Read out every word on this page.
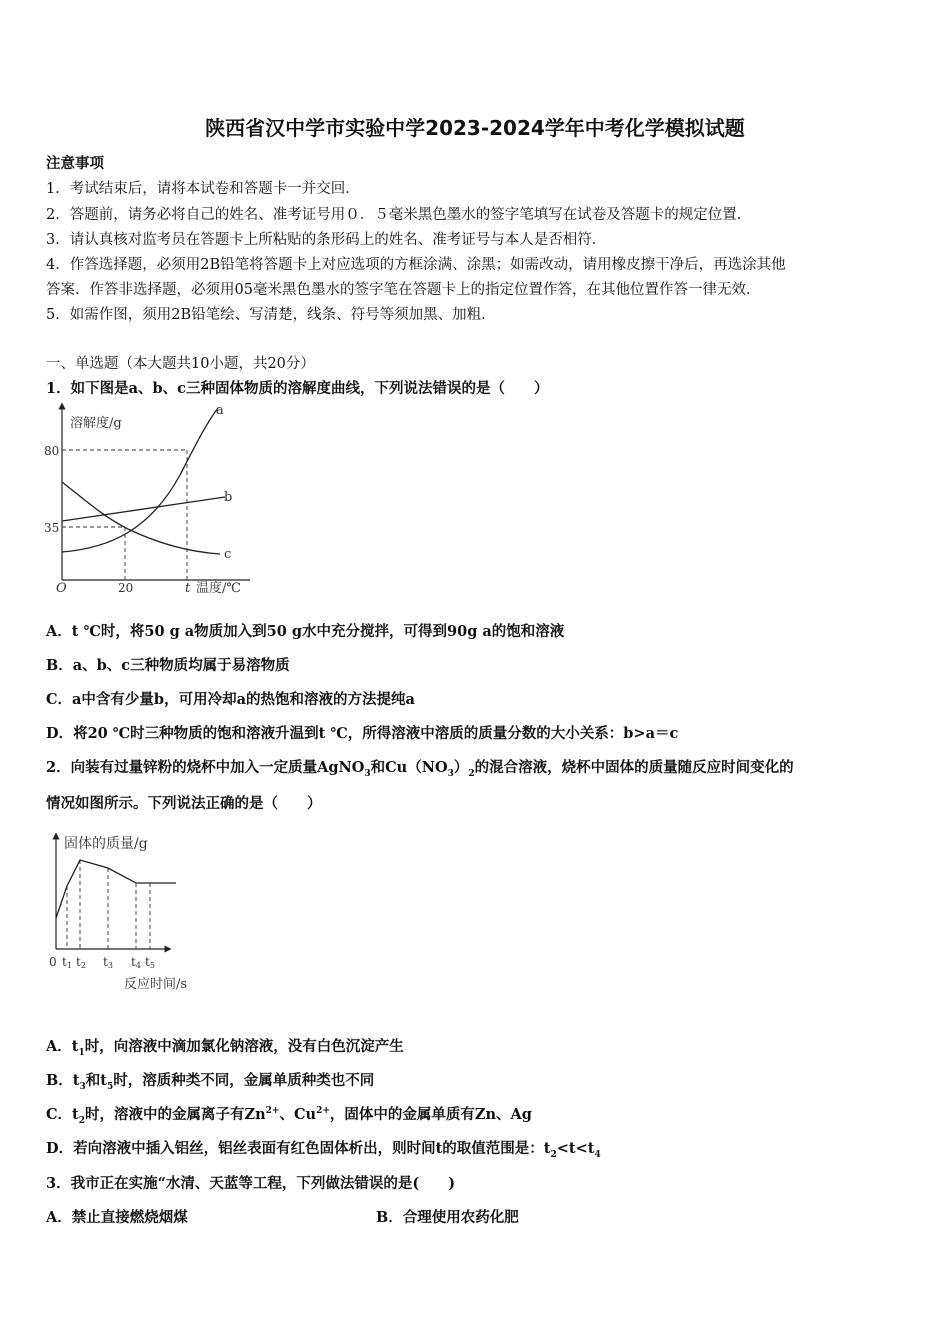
陕西省汉中学市实验中学2023-2024学年中考化学模拟试题
注意事项
1．考试结束后，请将本试卷和答题卡一并交回．
2．答题前，请务必将自己的姓名、准考证号用０．５毫米黑色墨水的签字笔填写在试卷及答题卡的规定位置．
3．请认真核对监考员在答题卡上所粘贴的条形码上的姓名、准考证号与本人是否相符．
4．作答选择题，必须用2B铅笔将答题卡上对应选项的方框涂满、涂黑；如需改动，请用橡皮擦干净后，再选涂其他
答案．作答非选择题，必须用05毫米黑色墨水的签字笔在答题卡上的指定位置作答，在其他位置作答一律无效．
5．如需作图，须用2B铅笔绘、写清楚，线条、符号等须加黑、加粗．
一、单选题（本大题共10小题，共20分）
1．如下图是a、b、c三种固体物质的溶解度曲线，下列说法错误的是（　　）
溶解度/g
温度/℃
O
80
35
20	t
a
b
c
A．t ℃时，将50 g a物质加入到50 g水中充分搅拌，可得到90g a的饱和溶液
B．a、b、c三种物质均属于易溶物质
C．a中含有少量b，可用冷却a的热饱和溶液的方法提纯a
D．将20 ℃时三种物质的饱和溶液升温到t ℃，所得溶液中溶质的质量分数的大小关系：b>a＝c
2．向装有过量锌粉的烧杯中加入一定质量AgNO$_3$和$Cu(NO_3)_2$的混合溶液，烧杯中固体的质量随反应时间变化的
情况如图所示。下列说法正确的是（　　）
固体的质量/g
反应时间/s
0 t1 t2 t3 t4 t5
A．$t_1$时，向溶液中滴加氯化钠溶液，没有白色沉淀产生
B．$t_3$和$t_5$时，溶质种类不同，金属单质种类也不同
C．$t_2$时，溶液中的金属离子有$Zn^{2+}$、$Cu^{2+}$，固体中的金属单质有Zn、Ag
D．若向溶液中插入铝丝，铝丝表面有红色固体析出，则时间t的取值范围是：$t_2<t<t_4$
3．我市正在实施“水清、天蓝等工程，下列做法错误的是(　　)
A．禁止直接燃烧烟煤	B．合理使用农药化肥
